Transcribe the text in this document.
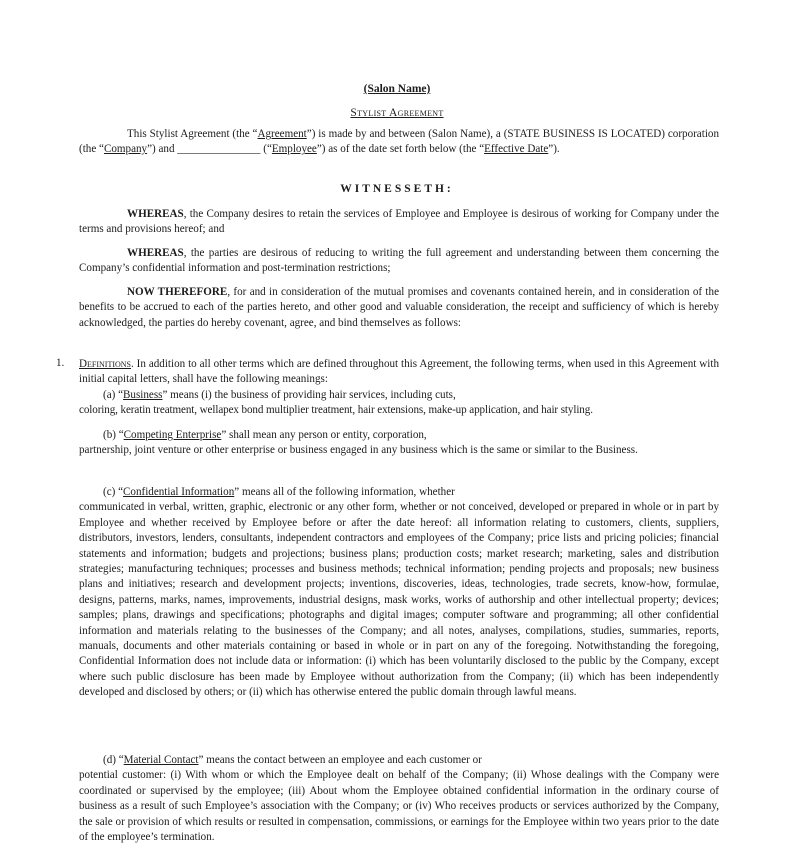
(Salon Name)
Stylist Agreement
This Stylist Agreement (the “Agreement”) is made by and between (Salon Name), a (STATE BUSINESS IS LOCATED) corporation (the “Company”) and _______________ (“Employee”) as of the date set forth below (the “Effective Date”).
WITNESSETH:
WHEREAS, the Company desires to retain the services of Employee and Employee is desirous of working for Company under the terms and provisions hereof; and
WHEREAS, the parties are desirous of reducing to writing the full agreement and understanding between them concerning the Company’s confidential information and post-termination restrictions;
NOW THEREFORE, for and in consideration of the mutual promises and covenants contained herein, and in consideration of the benefits to be accrued to each of the parties hereto, and other good and valuable consideration, the receipt and sufficiency of which is hereby acknowledged, the parties do hereby covenant, agree, and bind themselves as follows:
1. Definitions. In addition to all other terms which are defined throughout this Agreement, the following terms, when used in this Agreement with initial capital letters, shall have the following meanings:
(a) “Business” means (i) the business of providing hair services, including cuts,
coloring, keratin treatment, wellapex bond multiplier treatment, hair extensions, make-up application, and hair styling.
(b) “Competing Enterprise” shall mean any person or entity, corporation,
partnership, joint venture or other enterprise or business engaged in any business which is the same or similar to the Business.
(c) “Confidential Information” means all of the following information, whether
communicated in verbal, written, graphic, electronic or any other form, whether or not conceived, developed or prepared in whole or in part by Employee and whether received by Employee before or after the date hereof: all information relating to customers, clients, suppliers, distributors, investors, lenders, consultants, independent contractors and employees of the Company; price lists and pricing policies; financial statements and information; budgets and projections; business plans; production costs; market research; marketing, sales and distribution strategies; manufacturing techniques; processes and business methods; technical information; pending projects and proposals; new business plans and initiatives; research and development projects; inventions, discoveries, ideas, technologies, trade secrets, know-how, formulae, designs, patterns, marks, names, improvements, industrial designs, mask works, works of authorship and other intellectual property; devices; samples; plans, drawings and specifications; photographs and digital images; computer software and programming; all other confidential information and materials relating to the businesses of the Company; and all notes, analyses, compilations, studies, summaries, reports, manuals, documents and other materials containing or based in whole or in part on any of the foregoing. Notwithstanding the foregoing, Confidential Information does not include data or information: (i) which has been voluntarily disclosed to the public by the Company, except where such public disclosure has been made by Employee without authorization from the Company; (ii) which has been independently developed and disclosed by others; or (ii) which has otherwise entered the public domain through lawful means.
(d) “Material Contact” means the contact between an employee and each customer or
potential customer: (i) With whom or which the Employee dealt on behalf of the Company; (ii) Whose dealings with the Company were coordinated or supervised by the employee; (iii) About whom the Employee obtained confidential information in the ordinary course of business as a result of such Employee’s association with the Company; or (iv) Who receives products or services authorized by the Company, the sale or provision of which results or resulted in compensation, commissions, or earnings for the Employee within two years prior to the date of the employee’s termination.
